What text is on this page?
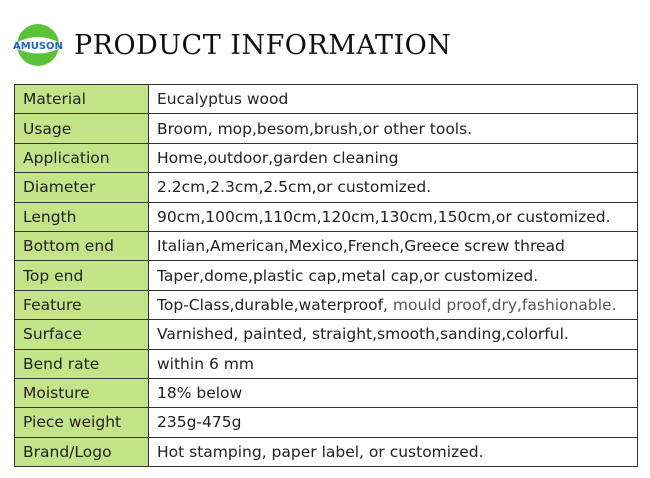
AMUSON PRODUCT INFORMATION
Material	Eucalyptus wood
Usage	Broom, mop,besom,brush,or other tools.
Application	Home,outdoor,garden cleaning
Diameter	2.2cm,2.3cm,2.5cm,or customized.
Length	90cm,100cm,110cm,120cm,130cm,150cm,or customized.
Bottom end	Italian,American,Mexico,French,Greece screw thread
Top end	Taper,dome,plastic cap,metal cap,or customized.
Feature	Top-Class,durable,waterproof, mould proof,dry,fashionable.
Surface	Varnished, painted, straight,smooth,sanding,colorful.
Bend rate	within 6 mm
Moisture	18% below
Piece weight	235g-475g
Brand/Logo	Hot stamping, paper label, or customized.
